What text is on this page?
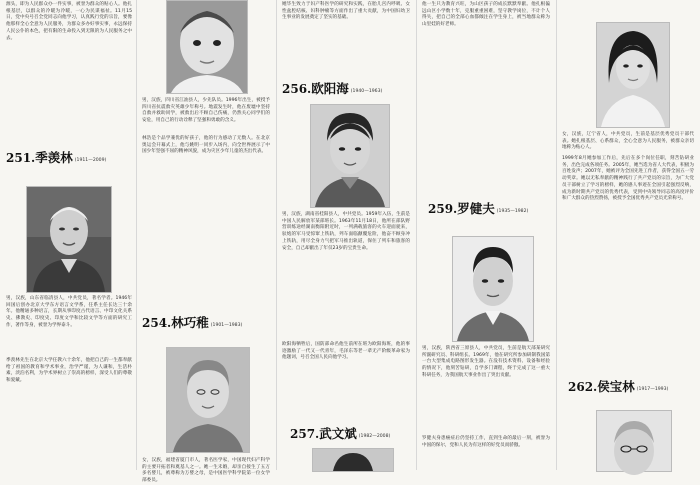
源头，即为人民群众办一件实事，被誉为群众的贴心人。他扎根基层，以群众的冷暖为冷暖，一心为民谋福祉。11月15日，党中央号召全党同志向他学习，认真践行党的宗旨，要像他那样全心全意为人民服务，为群众多办好事实事，永远保持人民公仆的本色，把有限的生命投入到无限的为人民服务之中去。

251.季羡林 (1911—2009)

男，汉族，山东省临清县人，中共党员，著名学者。1946年回国后创办北京大学东方语言文学系，任系主任长达三十余年。他精通多种语言，长期从事印度古代语言、中印文化关系史、佛教史、印度史、印度文学和比较文学等方面的研究工作，著作等身，被誉为学界泰斗。

季羡林先生在北京大学任教六十余年，他把自己的一生都奉献给了祖国的教育和学术事业，治学严谨，为人谦和，生活朴素，淡泊名利，为学术界树立了崇高的榜样，深受人们的尊敬和爱戴。

男，汉族，四川省江油县人，少先队员。1996年出生，被授予四川省抗震救灾英雄少年称号。地震发生时，他在废墟中坚持自救并救助同学，被救出后不顾自己伤痛，仍然关心同学们的安危，用自己的行动诠释了坚强和勇敢的含义。

林浩是个品学兼优的好孩子，他的行为感动了无数人。在北京奥运会开幕式上，他与姚明一同步入场内，向全世界展示了中国少年坚强不屈的精神风貌，成为灾区少年儿童的杰出代表。

254.林巧稚 (1901—1983)

女，汉族，福建省厦门市人，著名医学家，中国现代妇产科学的主要开拓者和奠基人之一。她一生未婚，却亲自接生了五万多名婴儿，被尊称为万婴之母，是中国医学科学院第一位女学部委员。

她毕生致力于妇产科医学的研究和实践，在胎儿宫内呼吸、女性盆腔结核、妇科肿瘤等方面作出了重大贡献，为中国妇幼卫生事业的发展奠定了坚实的基础。

256.欧阳海 (1940—1963)

男，汉族，湖南省桂阳县人，中共党员。1959年入伍，生前是中国人民解放军某部班长。1963年11月18日，他所在部队野营训练途经湖南衡阳附近时，一列满载旅客的火车迎面驶来，驮炮的军马受惊窜上铁轨，列车面临颠覆危险，他奋不顾身冲上铁轨，用尽全身力气把军马推出轨道，保住了列车和旅客的安全，自己却献出了年仅23岁的宝贵生命。

欧阳海牺牲后，国防部命名他生前所在班为欧阳海班，他的事迹激励了一代又一代青年，毛泽东等老一辈无产阶级革命家为他题词，号召全国人民向他学习。

257.武文斌 (1982—2008)

他一生只为教育兴旺，为山区孩子的成长默默奉献。他扎根偏远山区小学数十年，克服重重困难，坚守教学岗位，不计个人得失，把自己的全部心血都倾注在学生身上，被当地群众称为山里娃的好老师。

259.罗健夫 (1935—1982)

男，汉族，陕西省三原县人，中共党员，生前是航天部某研究所副研究员、科研组长。1969年，他在研究所参加研制我国第一台大型集成电路图形发生器。在没有技术资料、设备和经验的情况下，他刻苦钻研，自学多门课程，终于完成了这一重大科研任务，为我国航天事业作出了突出贡献。

罗健夫身患癌症后仍坚持工作，直到生命的最后一刻，被誉为中国的保尔，党和人民为有这样的好党员而骄傲。

女，汉族，辽宁省人，中共党员，生前是基层优秀党员干部代表。她扎根基层、心系群众，全心全意为人民服务，被群众亲切地称为贴心人。

1999年8月她参加工作后，先后在多个岗位任职，刻苦钻研业务，出色完成各项任务。2005年，她当选为省人大代表，积极为百姓发声；2007年，她被评为全国先进工作者，获得全国五一劳动奖章。她以无私奉献的精神践行了共产党员的宗旨，为广大党员干部树立了学习的榜样，她的感人事迹在全国引起强烈反响，成为新时期共产党员的优秀代表，受到中央领导同志的高度评价和广大群众的热烈赞扬，被授予全国优秀共产党员光荣称号。

262.侯宝林 (1917—1993)
